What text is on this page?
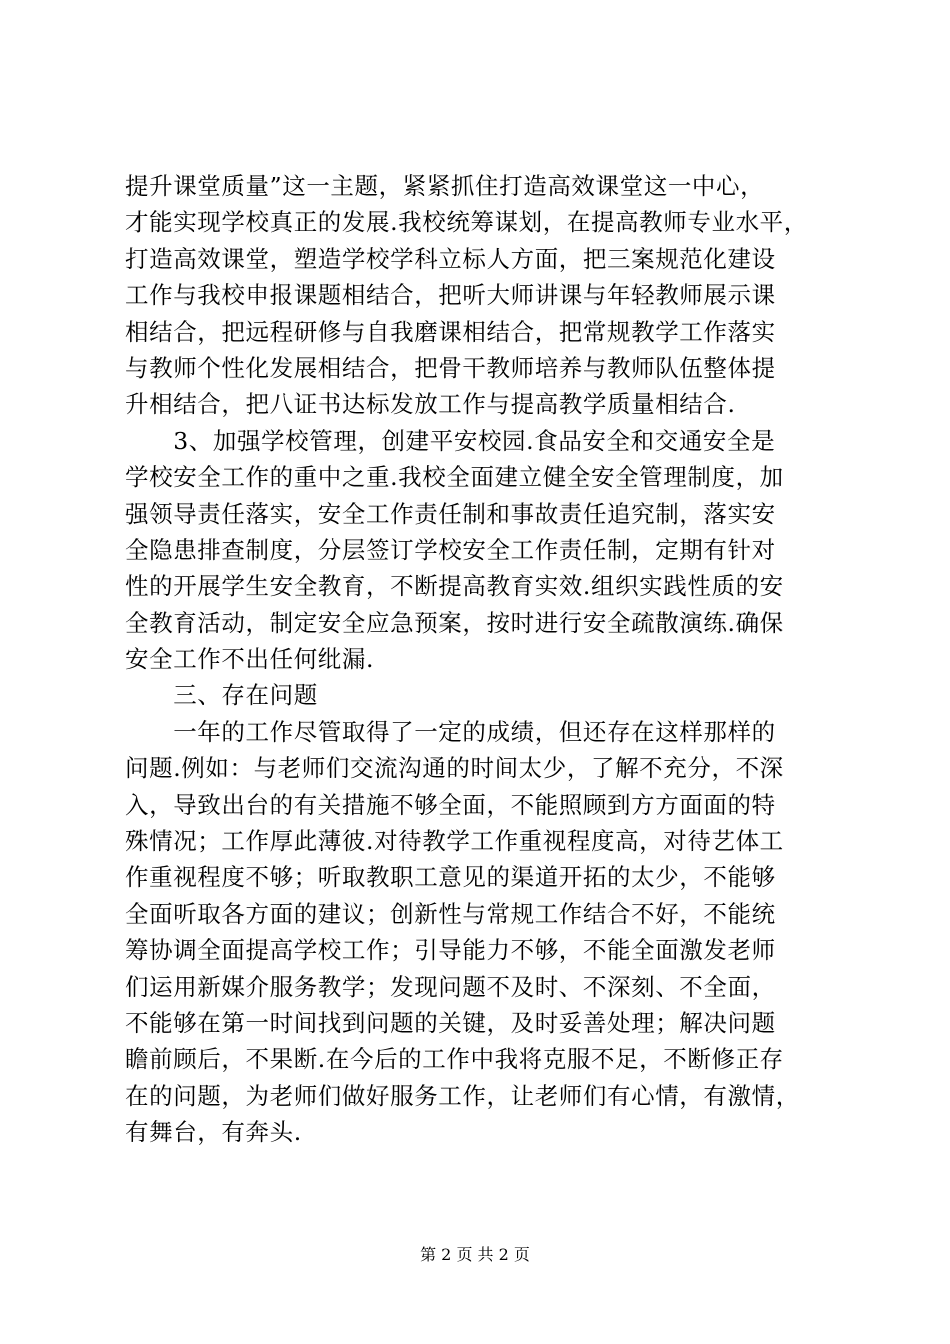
提升课堂质量”这一主题，紧紧抓住打造高效课堂这一中心，
才能实现学校真正的发展.我校统筹谋划，在提高教师专业水平，
打造高效课堂，塑造学校学科立标人方面，把三案规范化建设
工作与我校申报课题相结合，把听大师讲课与年轻教师展示课
相结合，把远程研修与自我磨课相结合，把常规教学工作落实
与教师个性化发展相结合，把骨干教师培养与教师队伍整体提
升相结合，把八证书达标发放工作与提高教学质量相结合.
　　3、加强学校管理，创建平安校园.食品安全和交通安全是
学校安全工作的重中之重.我校全面建立健全安全管理制度，加
强领导责任落实，安全工作责任制和事故责任追究制，落实安
全隐患排查制度，分层签订学校安全工作责任制，定期有针对
性的开展学生安全教育，不断提高教育实效.组织实践性质的安
全教育活动，制定安全应急预案，按时进行安全疏散演练.确保
安全工作不出任何纰漏.
　　三、存在问题
　　一年的工作尽管取得了一定的成绩，但还存在这样那样的
问题.例如：与老师们交流沟通的时间太少，了解不充分，不深
入，导致出台的有关措施不够全面，不能照顾到方方面面的特
殊情况；工作厚此薄彼.对待教学工作重视程度高，对待艺体工
作重视程度不够；听取教职工意见的渠道开拓的太少，不能够
全面听取各方面的建议；创新性与常规工作结合不好，不能统
筹协调全面提高学校工作；引导能力不够，不能全面激发老师
们运用新媒介服务教学；发现问题不及时、不深刻、不全面，
不能够在第一时间找到问题的关键，及时妥善处理；解决问题
瞻前顾后，不果断.在今后的工作中我将克服不足，不断修正存
在的问题，为老师们做好服务工作，让老师们有心情，有激情，
有舞台，有奔头.
第 2 页 共 2 页
